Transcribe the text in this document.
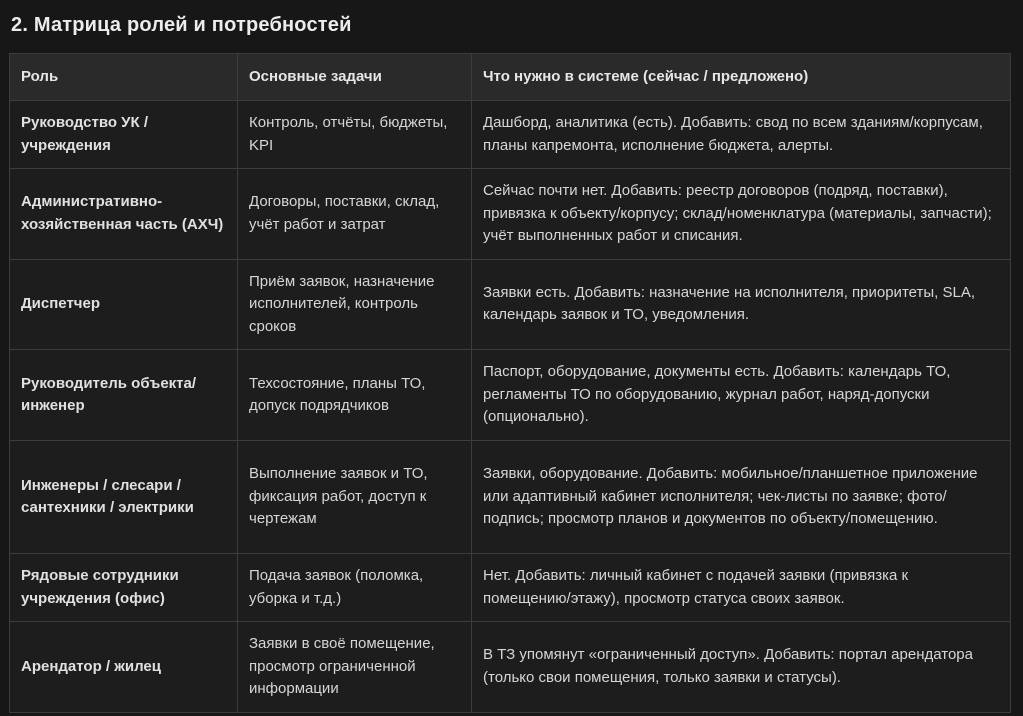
2. Матрица ролей и потребностей
Роль	Основные задачи	Что нужно в системе (сейчас / предложено)
Руководство УК / учреждения	Контроль, отчёты, бюджеты, KPI	Дашборд, аналитика (есть). Добавить: свод по всем зданиям/корпусам, планы капремонта, исполнение бюджета, алерты.
Административно-хозяйственная часть (АХЧ)	Договоры, поставки, склад, учёт работ и затрат	Сейчас почти нет. Добавить: реестр договоров (подряд, поставки), привязка к объекту/корпусу; склад/номенклатура (материалы, запчасти); учёт выполненных работ и списания.
Диспетчер	Приём заявок, назначение исполнителей, контроль сроков	Заявки есть. Добавить: назначение на исполнителя, приоритеты, SLA, календарь заявок и ТО, уведомления.
Руководитель объекта/ инженер	Техсостояние, планы ТО, допуск подрядчиков	Паспорт, оборудование, документы есть. Добавить: календарь ТО, регламенты ТО по оборудованию, журнал работ, наряд-допуски (опционально).
Инженеры / слесари / сантехники / электрики	Выполнение заявок и ТО, фиксация работ, доступ к чертежам	Заявки, оборудование. Добавить: мобильное/планшетное приложение или адаптивный кабинет исполнителя; чек-листы по заявке; фото/подпись; просмотр планов и документов по объекту/помещению.
Рядовые сотрудники учреждения (офис)	Подача заявок (поломка, уборка и т.д.)	Нет. Добавить: личный кабинет с подачей заявки (привязка к помещению/этажу), просмотр статуса своих заявок.
Арендатор / жилец	Заявки в своё помещение, просмотр ограниченной информации	В ТЗ упомянут «ограниченный доступ». Добавить: портал арендатора (только свои помещения, только заявки и статусы).
